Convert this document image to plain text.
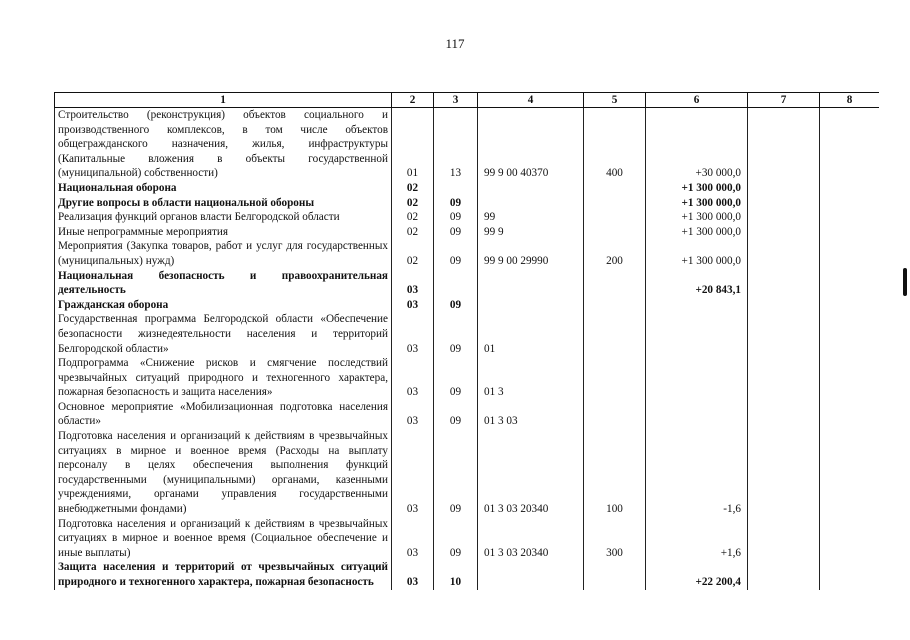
117
1	2	3	4	5	6	7	8
Строительство (реконструкция) объектов социального и производственного комплексов, в том числе объектов общегражданского назначения, жилья, инфраструктуры (Капитальные вложения в объекты государственной (муниципальной) собственности)	01	13	99 9 00 40370	400	+30 000,0		
Национальная оборона	02				+1 300 000,0		
Другие вопросы в области национальной обороны	02	09			+1 300 000,0		
Реализация функций органов власти Белгородской области	02	09	99		+1 300 000,0		
Иные непрограммные мероприятия	02	09	99 9		+1 300 000,0		
Мероприятия (Закупка товаров, работ и услуг для государственных (муниципальных) нужд)	02	09	99 9 00 29990	200	+1 300 000,0		
Национальная безопасность и правоохранительная деятельность	03				+20 843,1		
Гражданская оборона	03	09					
Государственная программа Белгородской области «Обеспечение безопасности жизнедеятельности населения и территорий Белгородской области»	03	09	01				
Подпрограмма «Снижение рисков и смягчение последствий чрезвычайных ситуаций природного и техногенного характера, пожарная безопасность и защита населения»	03	09	01 3				
Основное мероприятие «Мобилизационная подготовка населения области»	03	09	01 3 03				
Подготовка населения и организаций к действиям в чрезвычайных ситуациях в мирное и военное время (Расходы на выплату персоналу в целях обеспечения выполнения функций государственными (муниципальными) органами, казенными учреждениями, органами управления государственными внебюджетными фондами)	03	09	01 3 03 20340	100	-1,6		
Подготовка населения и организаций к действиям в чрезвычайных ситуациях в мирное и военное время (Социальное обеспечение и иные выплаты)	03	09	01 3 03 20340	300	+1,6		
Защита населения и территорий от чрезвычайных ситуаций природного и техногенного характера, пожарная безопасность	03	10			+22 200,4		
